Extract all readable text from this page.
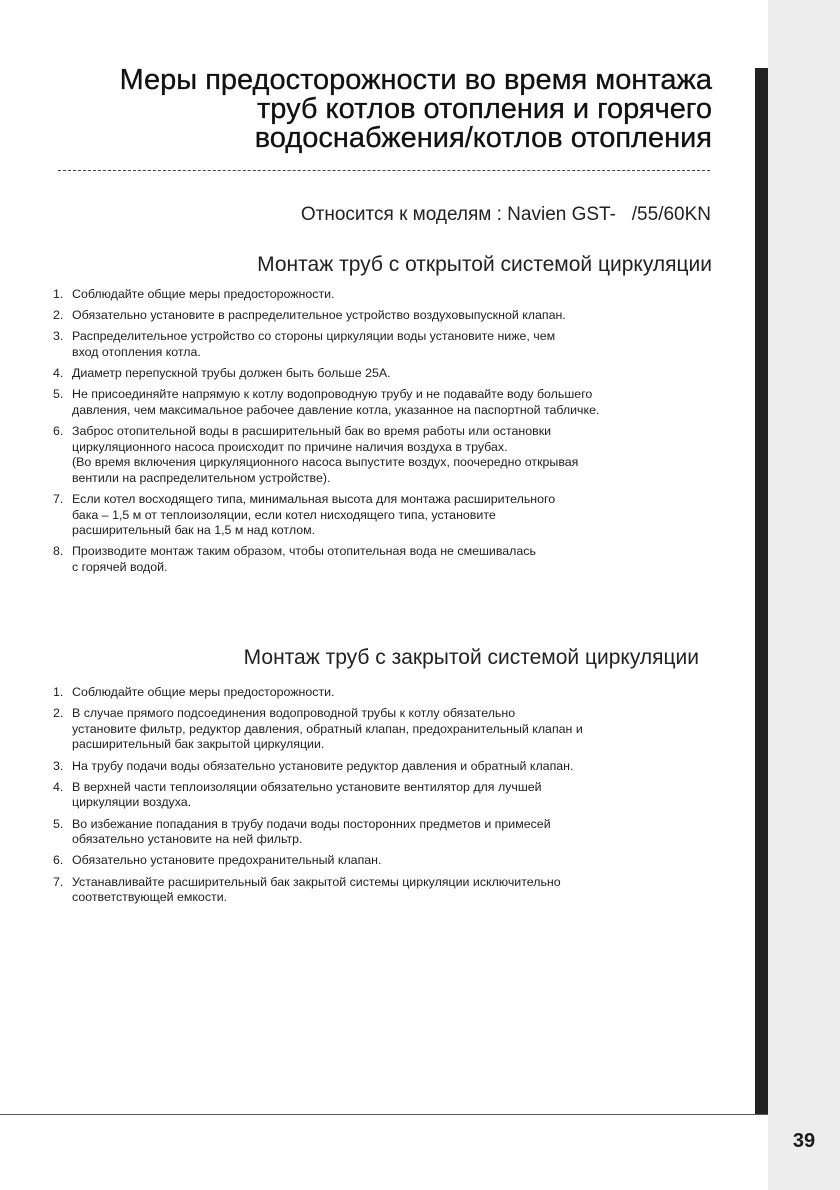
39
Меры предосторожности во время монтажа
труб котлов отопления и горячего
водоснабжения/котлов отопления
Относится к моделям : Navien GST-   /55/60KN
Монтаж труб с открытой системой циркуляции
1. Соблюдайте общие меры предосторожности.
2. Обязательно установите в распределительное устройство воздуховыпускной клапан.
3. Распределительное устройство со стороны циркуляции воды установите ниже, чем
вход отопления котла.
4. Диаметр перепускной трубы должен быть больше 25А.
5. Не присоединяйте напрямую к котлу водопроводную трубу и не подавайте воду большего
давления, чем максимальное рабочее давление котла, указанное на паспортной табличке.
6. Заброс отопительной воды в расширительный бак во время работы или остановки
циркуляционного насоса происходит по причине наличия воздуха в трубах.
(Во время включения циркуляционного насоса выпустите воздух, поочередно открывая
вентили на распределительном устройстве).
7. Если котел восходящего типа, минимальная высота для монтажа расширительного
бака – 1,5 м от теплоизоляции, если котел нисходящего типа, установите
расширительный бак на 1,5 м над котлом.
8. Производите монтаж таким образом, чтобы отопительная вода не смешивалась
с горячей водой.
Монтаж труб с закрытой системой циркуляции
1. Соблюдайте общие меры предосторожности.
2. В случае прямого подсоединения водопроводной трубы к котлу обязательно
установите фильтр, редуктор давления, обратный клапан, предохранительный клапан и
расширительный бак закрытой циркуляции.
3. На трубу подачи воды обязательно установите редуктор давления и обратный клапан.
4. В верхней части теплоизоляции обязательно установите вентилятор для лучшей
циркуляции воздуха.
5. Во избежание попадания в трубу подачи воды посторонних предметов и примесей
обязательно установите на ней фильтр.
6. Обязательно установите предохранительный клапан.
7. Устанавливайте расширительный бак закрытой системы циркуляции исключительно
соответствующей емкости.
